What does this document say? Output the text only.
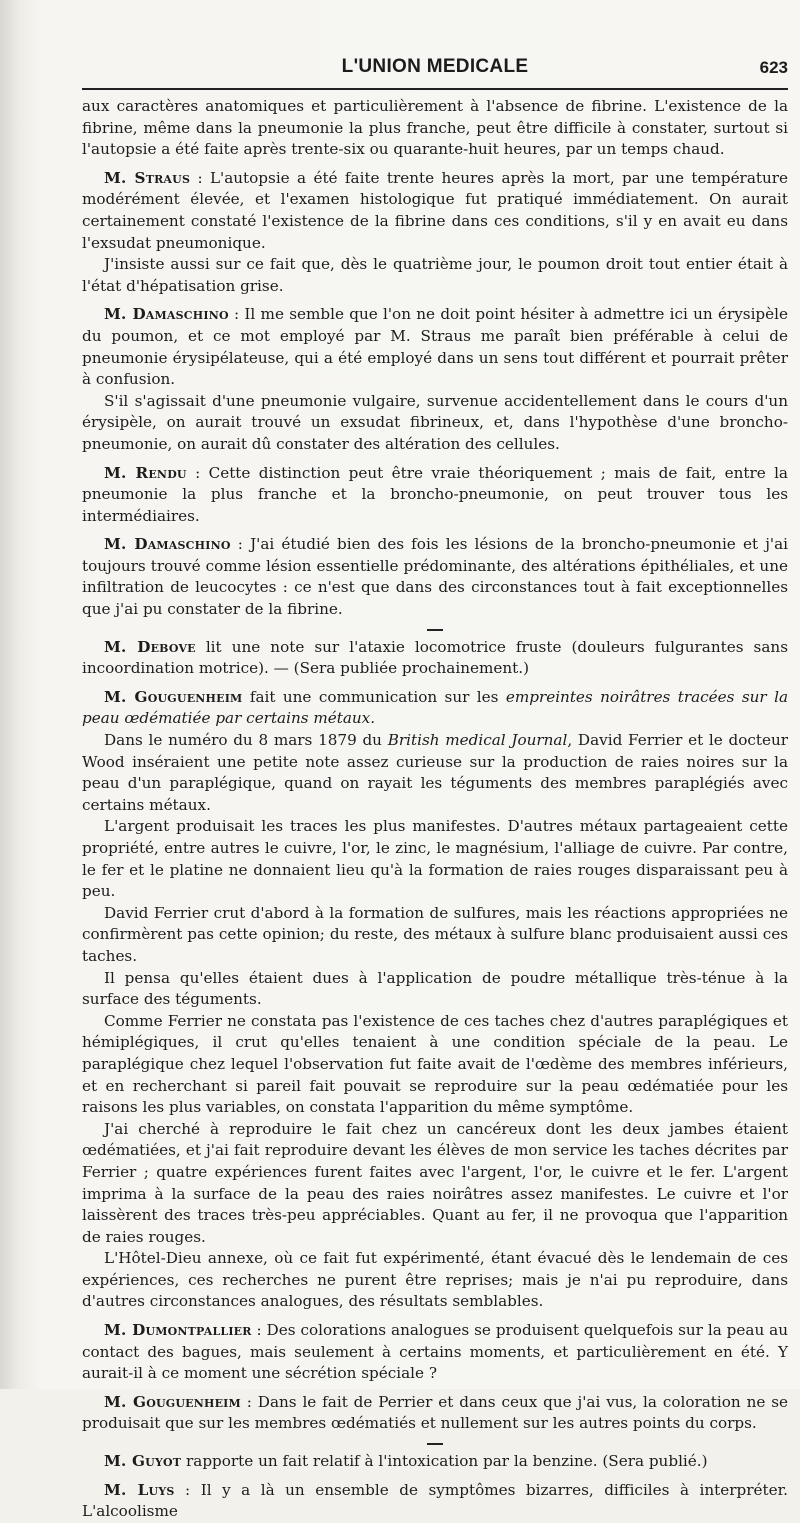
L'UNION MEDICALE	623

aux caractères anatomiques et particulièrement à l'absence de fibrine. L'existence de la fibrine, même dans la pneumonie la plus franche, peut être difficile à constater, surtout si l'autopsie a été faite après trente-six ou quarante-huit heures, par un temps chaud.

M. Straus : L'autopsie a été faite trente heures après la mort, par une température modérément élevée, et l'examen histologique fut pratiqué immédiatement. On aurait certainement constaté l'existence de la fibrine dans ces conditions, s'il y en avait eu dans l'exsudat pneumonique.

J'insiste aussi sur ce fait que, dès le quatrième jour, le poumon droit tout entier était à l'état d'hépatisation grise.

M. Damaschino : Il me semble que l'on ne doit point hésiter à admettre ici un érysipèle du poumon, et ce mot employé par M. Straus me paraît bien préférable à celui de pneumonie érysipélateuse, qui a été employé dans un sens tout différent et pourrait prêter à confusion.

S'il s'agissait d'une pneumonie vulgaire, survenue accidentellement dans le cours d'un érysipèle, on aurait trouvé un exsudat fibrineux, et, dans l'hypothèse d'une broncho-pneumonie, on aurait dû constater des altération des cellules.

M. Rendu : Cette distinction peut être vraie théoriquement ; mais de fait, entre la pneumonie la plus franche et la broncho-pneumonie, on peut trouver tous les intermédiaires.

M. Damaschino : J'ai étudié bien des fois les lésions de la broncho-pneumonie et j'ai toujours trouvé comme lésion essentielle prédominante, des altérations épithéliales, et une infiltration de leucocytes : ce n'est que dans des circonstances tout à fait exceptionnelles que j'ai pu constater de la fibrine.

M. Debove lit une note sur l'ataxie locomotrice fruste (douleurs fulgurantes sans incoordination motrice). — (Sera publiée prochainement.)

M. Gouguenheim fait une communication sur les empreintes noirâtres tracées sur la peau œdématiée par certains métaux.

Dans le numéro du 8 mars 1879 du British medical Journal, David Ferrier et le docteur Wood inséraient une petite note assez curieuse sur la production de raies noires sur la peau d'un paraplégique, quand on rayait les téguments des membres paraplégiés avec certains métaux.

L'argent produisait les traces les plus manifestes. D'autres métaux partageaient cette propriété, entre autres le cuivre, l'or, le zinc, le magnésium, l'alliage de cuivre. Par contre, le fer et le platine ne donnaient lieu qu'à la formation de raies rouges disparaissant peu à peu.

David Ferrier crut d'abord à la formation de sulfures, mais les réactions appropriées ne confirmèrent pas cette opinion; du reste, des métaux à sulfure blanc produisaient aussi ces taches.

Il pensa qu'elles étaient dues à l'application de poudre métallique très-ténue à la surface des téguments.

Comme Ferrier ne constata pas l'existence de ces taches chez d'autres paraplégiques et hémiplégiques, il crut qu'elles tenaient à une condition spéciale de la peau. Le paraplégique chez lequel l'observation fut faite avait de l'œdème des membres inférieurs, et en recherchant si pareil fait pouvait se reproduire sur la peau œdématiée pour les raisons les plus variables, on constata l'apparition du même symptôme.

J'ai cherché à reproduire le fait chez un cancéreux dont les deux jambes étaient œdématiées, et j'ai fait reproduire devant les élèves de mon service les taches décrites par Ferrier ; quatre expériences furent faites avec l'argent, l'or, le cuivre et le fer. L'argent imprima à la surface de la peau des raies noirâtres assez manifestes. Le cuivre et l'or laissèrent des traces très-peu appréciables. Quant au fer, il ne provoqua que l'apparition de raies rouges.

L'Hôtel-Dieu annexe, où ce fait fut expérimenté, étant évacué dès le lendemain de ces expériences, ces recherches ne purent être reprises; mais je n'ai pu reproduire, dans d'autres circonstances analogues, des résultats semblables.

M. Dumontpallier : Des colorations analogues se produisent quelquefois sur la peau au contact des bagues, mais seulement à certains moments, et particulièrement en été. Y aurait-il à ce moment une sécrétion spéciale ?

M. Gouguenheim : Dans le fait de Perrier et dans ceux que j'ai vus, la coloration ne se produisait que sur les membres œdématiés et nullement sur les autres points du corps.

M. Guyot rapporte un fait relatif à l'intoxication par la benzine. (Sera publié.)

M. Luys : Il y a là un ensemble de symptômes bizarres, difficiles à interpréter. L'alcoolisme
